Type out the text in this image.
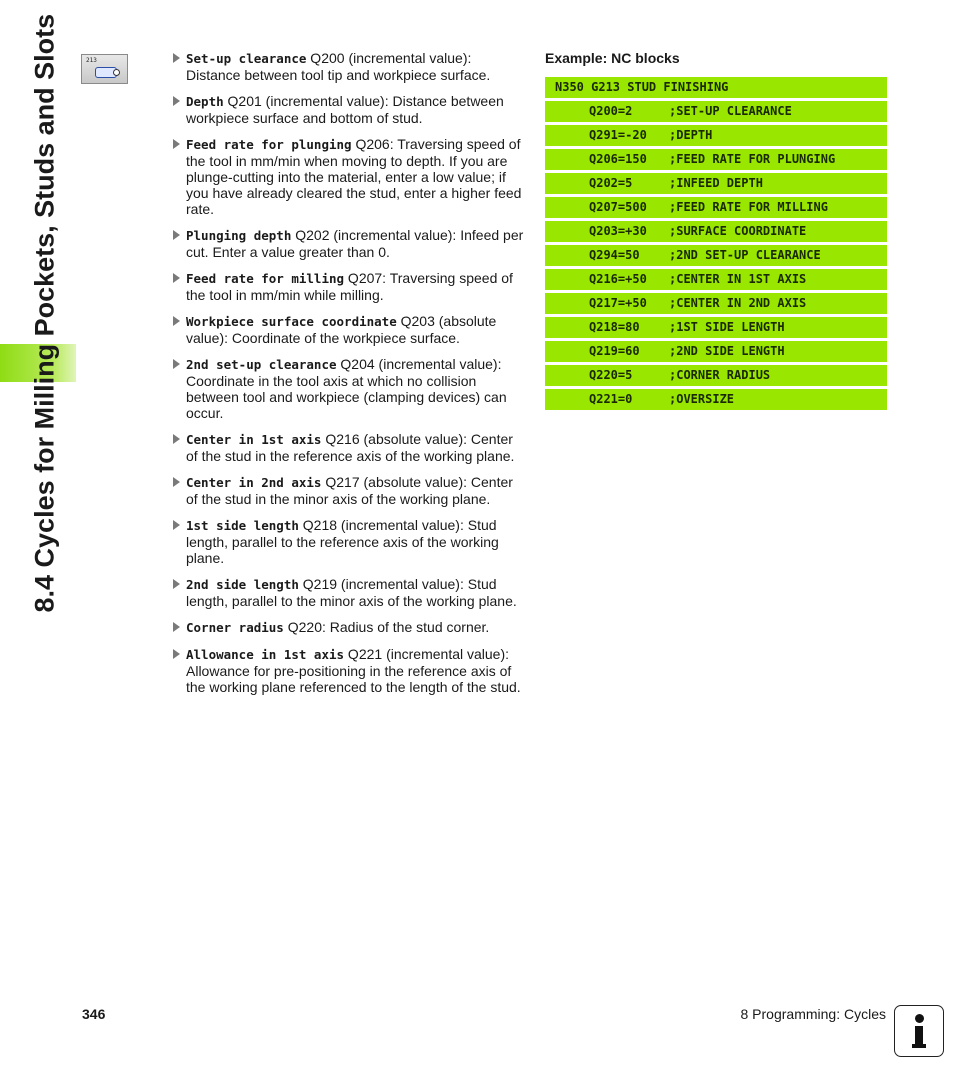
8.4 Cycles for Milling Pockets, Studs and Slots	213	Set-up clearance Q200 (incremental value): Distance between tool tip and workpiece surface.
Depth Q201 (incremental value): Distance between workpiece surface and bottom of stud.
Feed rate for plunging Q206: Traversing speed of the tool in mm/min when moving to depth. If you are plunge-cutting into the material, enter a low value; if you have already cleared the stud, enter a higher feed rate.
Plunging depth Q202 (incremental value): Infeed per cut. Enter a value greater than 0.
Feed rate for milling Q207: Traversing speed of the tool in mm/min while milling.
Workpiece surface coordinate Q203 (absolute value): Coordinate of the workpiece surface.
2nd set-up clearance Q204 (incremental value): Coordinate in the tool axis at which no collision between tool and workpiece (clamping devices) can occur.
Center in 1st axis Q216 (absolute value): Center of the stud in the reference axis of the working plane.
Center in 2nd axis Q217 (absolute value): Center of the stud in the minor axis of the working plane.
1st side length Q218 (incremental value): Stud length, parallel to the reference axis of the working plane.
2nd side length Q219 (incremental value): Stud length, parallel to the minor axis of the working plane.
Corner radius Q220: Radius of the stud corner.
Allowance in 1st axis Q221 (incremental value): Allowance for pre-positioning in the reference axis of the working plane referenced to the length of the stud.
Example: NC blocks
N350 G213 STUD FINISHING
Q200=2	;SET-UP CLEARANCE
Q291=-20 ;DEPTH
Q206=150 ;FEED RATE FOR PLUNGING
Q202=5	;INFEED DEPTH
Q207=500 ;FEED RATE FOR MILLING
Q203=+30 ;SURFACE COORDINATE
Q294=50 ;2ND SET-UP CLEARANCE
Q216=+50 ;CENTER IN 1ST AXIS
Q217=+50 ;CENTER IN 2ND AXIS
Q218=80 ;1ST SIDE LENGTH
Q219=60 ;2ND SIDE LENGTH
Q220=5	;CORNER RADIUS
Q221=0	;OVERSIZE
346	8 Programming: Cycles
